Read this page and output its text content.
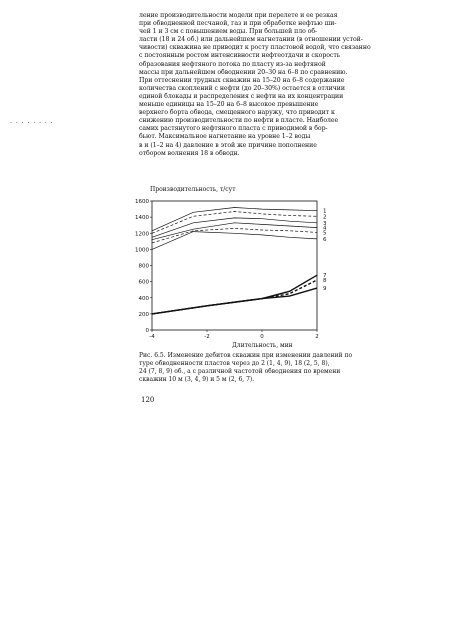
. . . . . . . .
ление производительности модели при перелете и ее резкая
при обводненной песчаной, газ и при обработке нефтью ши-
чей 1 и 3 см с повышением воды. При большей пло об-
ласти (18 и 24 об.) или дальнейшем нагнетании (в отношении устой-
чивости) скважина не приводит к росту пластовой водой, что связанно
с постоянным ростом интенсивности нефтеотдачи и скорость
образования нефтяного потока по пласту из-за нефтяной
массы при дальнейшем обводнении 20–30 на 6–8 по сравнению.
При оттеснении трудных скважин на 15–20 на 6–8 содержание
количества скоплений с нефти (до 20–30%) остается в отличии
единой блокады и распределения с нефти на их концентрации
меньше единицы на 15–20 на 6–8 высокое превышение
верхнего борта обвода, смещенного наружу, что приводит к
снижению производительности по нефти в пласте. Наиболее
самих растянутого нефтяного пласта с приводимой в бор-
бьют. Максимальное нагнетание на уровне 1–2 воды
в и (1–2 на 4) давление в этой же причине пополнение
отбором волнения 18 в обводн.
Производительность, т/сут
1600
1400
1200
1000
800
600
400
200
0
-4	-2	0	2
1
2
3
4
5
6
7
8
9
Длительность, мин
Рис. 6.5. Изменение дебитов скважин при изменении давлений по
туре обводненности пластов через до 2 (1, 4, 9), 18 (2, 5, 8),
24 (7, 8, 9) об., а с различной частотой обводнения по времени
скважин 10 м (3, 4, 9) и 5 м (2, 6, 7).
120
